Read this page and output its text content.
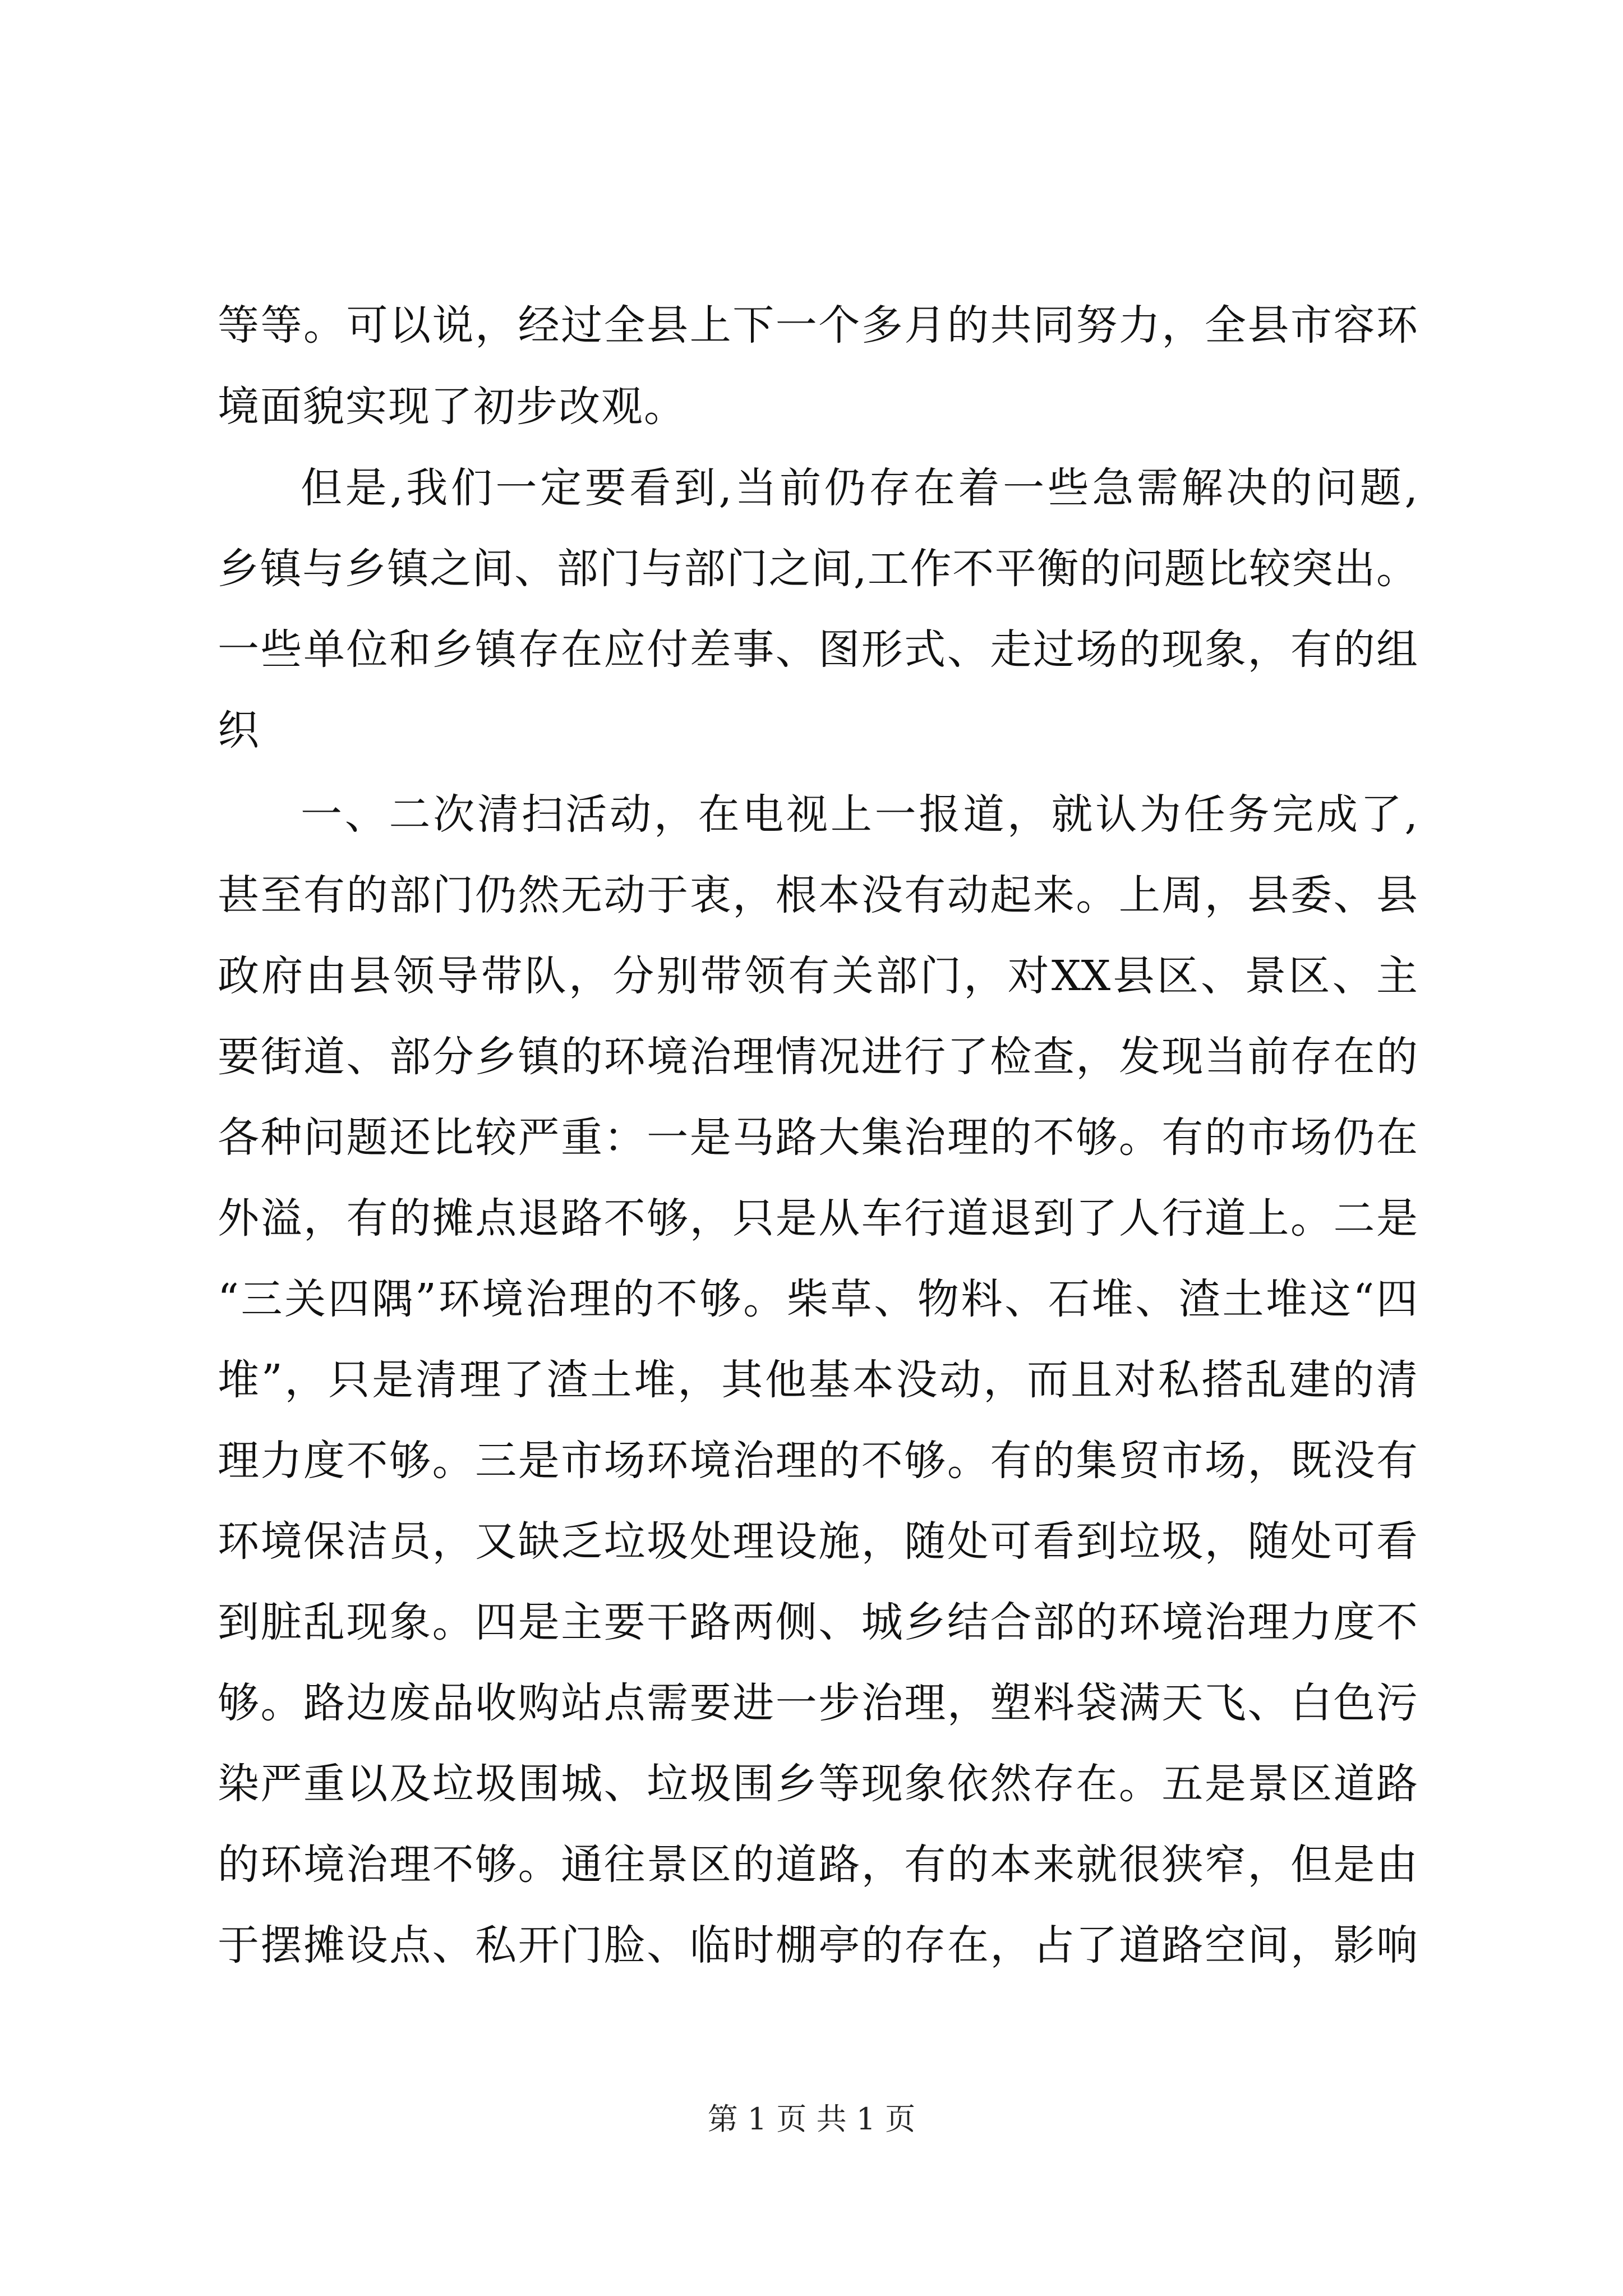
等等。可以说，经过全县上下一个多月的共同努力，全县市容环
境面貌实现了初步改观。
但是,我们一定要看到,当前仍存在着一些急需解决的问题,
乡镇与乡镇之间、部门与部门之间,工作不平衡的问题比较突出。
一些单位和乡镇存在应付差事、图形式、走过场的现象，有的组
织
一、二次清扫活动，在电视上一报道，就认为任务完成了,
甚至有的部门仍然无动于衷，根本没有动起来。上周，县委、县
政府由县领导带队，分别带领有关部门，对XX县区、景区、主
要街道、部分乡镇的环境治理情况进行了检查，发现当前存在的
各种问题还比较严重：一是马路大集治理的不够。有的市场仍在
外溢，有的摊点退路不够，只是从车行道退到了人行道上。二是
“三关四隅”环境治理的不够。柴草、物料、石堆、渣土堆这“四
堆”，只是清理了渣土堆，其他基本没动，而且对私搭乱建的清
理力度不够。三是市场环境治理的不够。有的集贸市场，既没有
环境保洁员，又缺乏垃圾处理设施，随处可看到垃圾，随处可看
到脏乱现象。四是主要干路两侧、城乡结合部的环境治理力度不
够。路边废品收购站点需要进一步治理，塑料袋满天飞、白色污
染严重以及垃圾围城、垃圾围乡等现象依然存在。五是景区道路
的环境治理不够。通往景区的道路，有的本来就很狭窄，但是由
于摆摊设点、私开门脸、临时棚亭的存在，占了道路空间，影响
第 1 页 共 1 页
